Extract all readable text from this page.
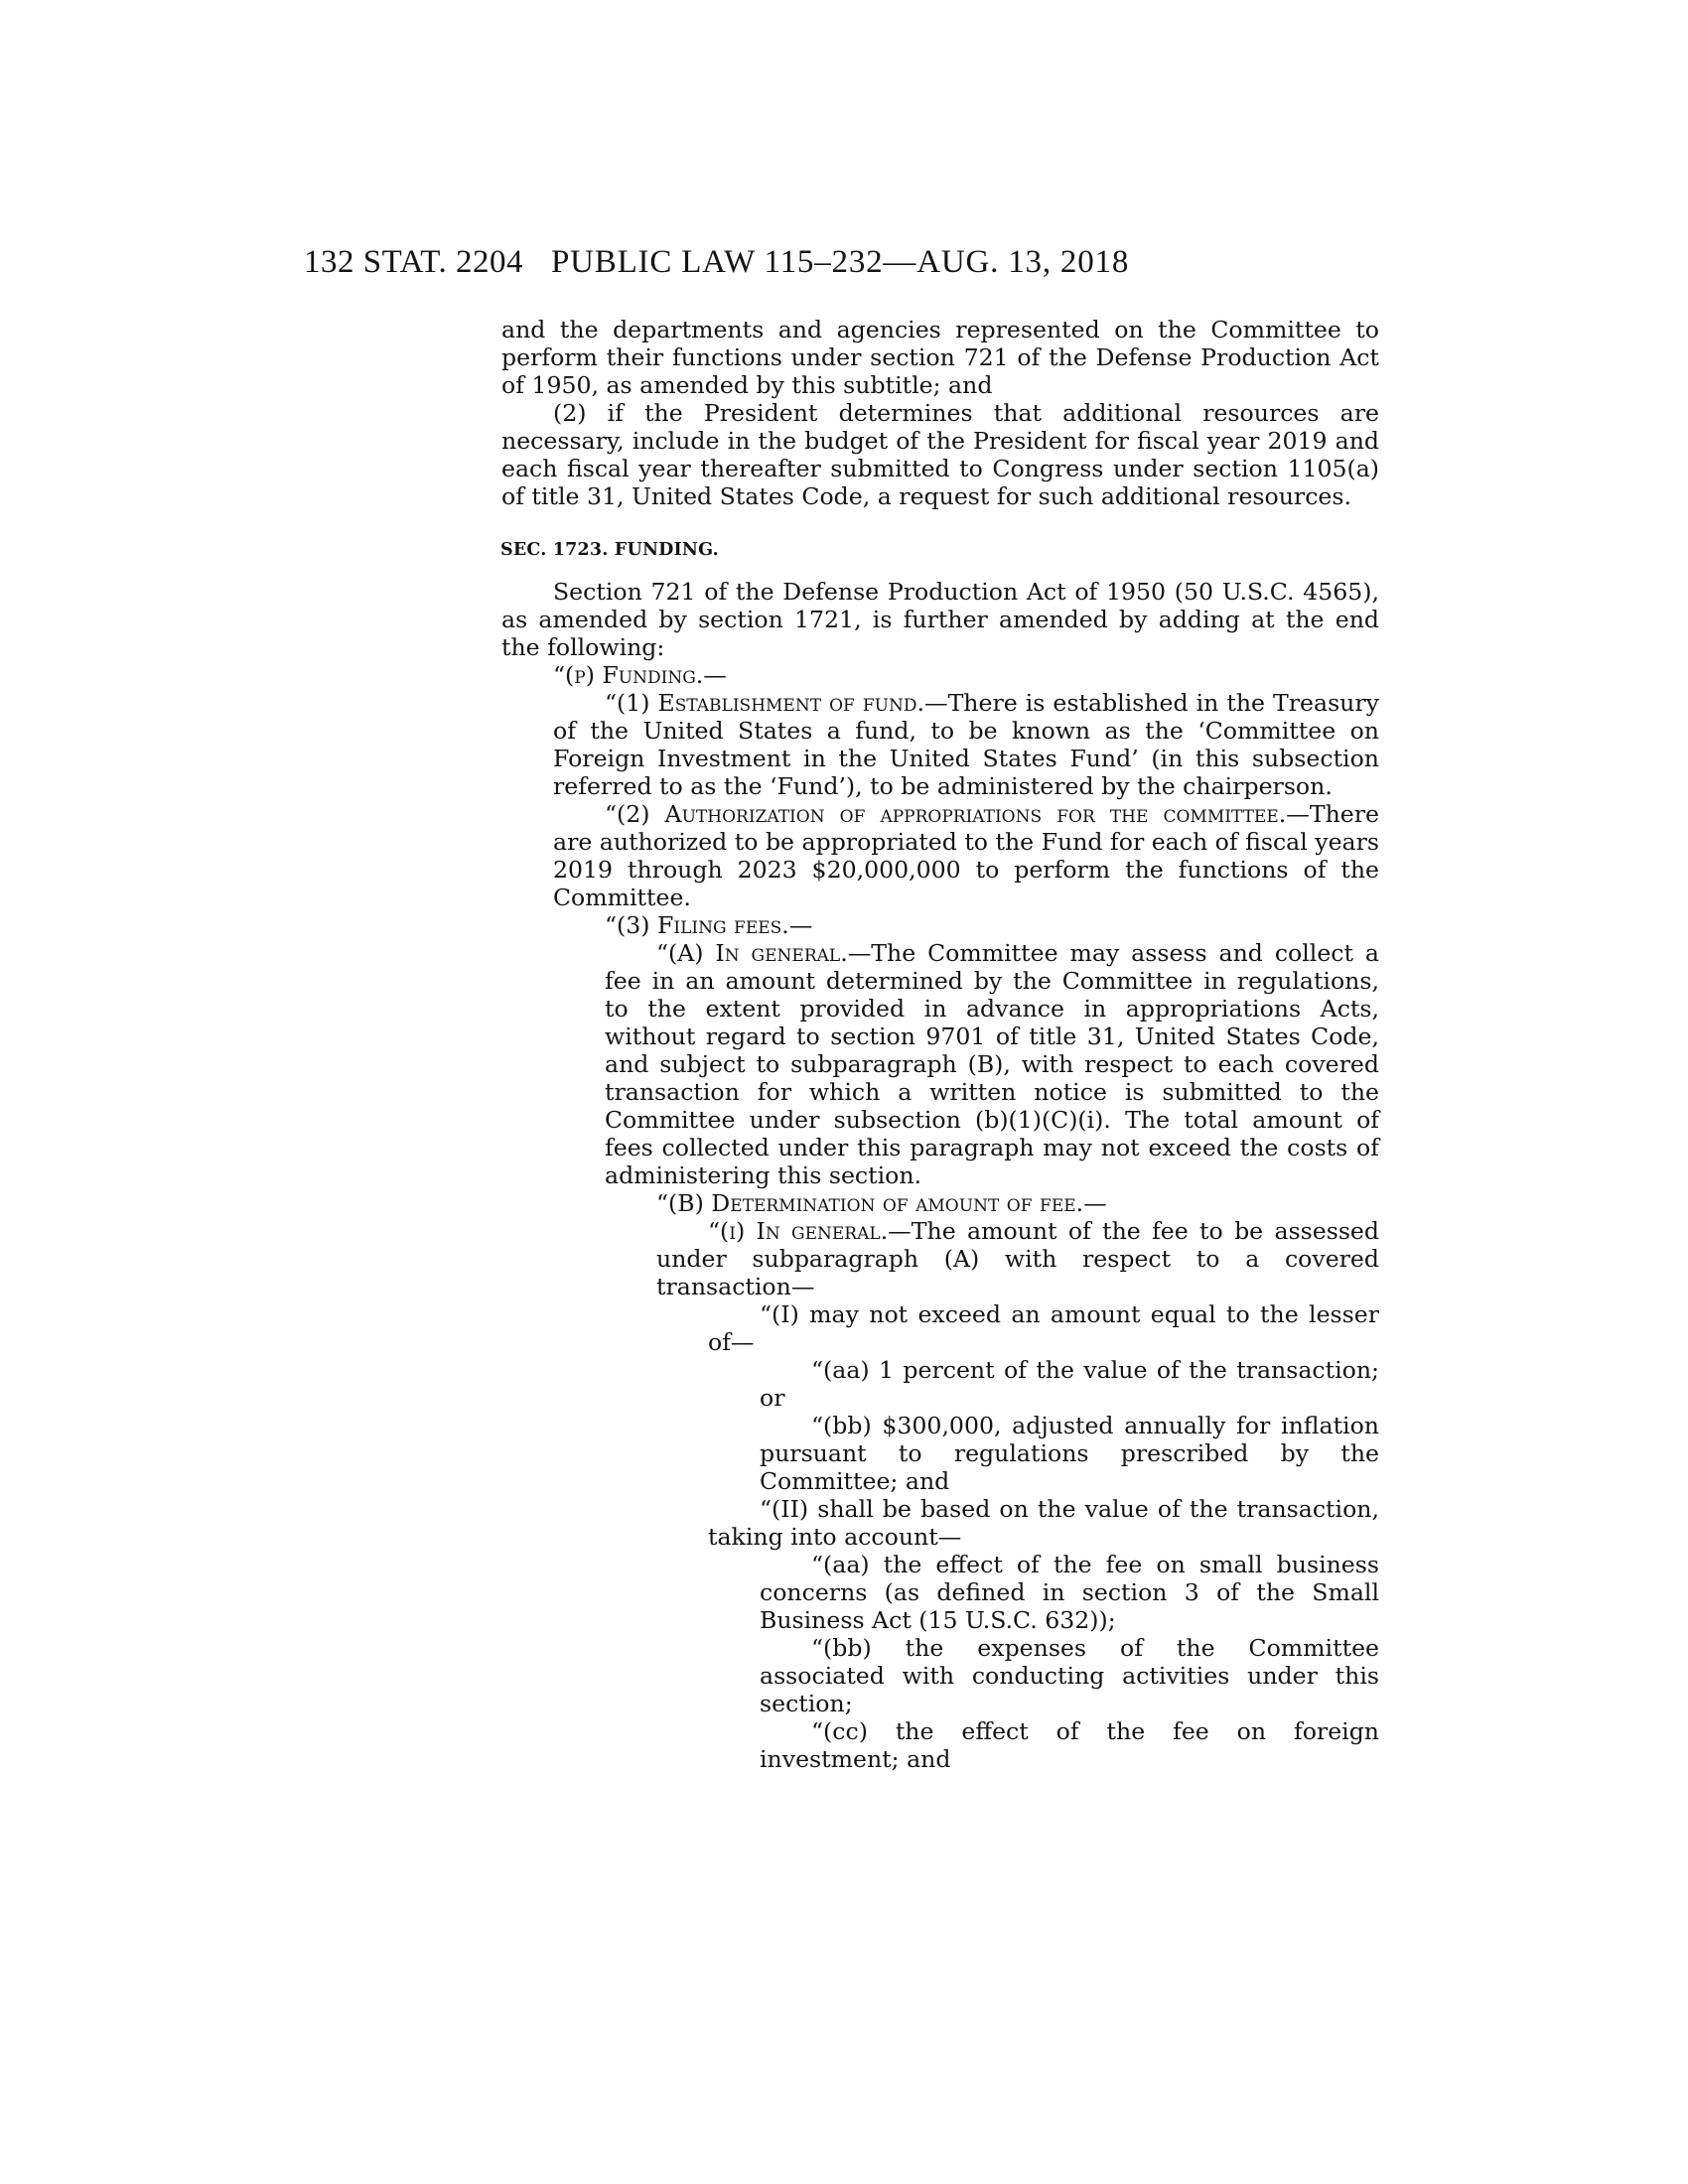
132 STAT. 2204 PUBLIC LAW 115–232—AUG. 13, 2018

and the departments and agencies represented on the Committee to perform their functions under section 721 of the Defense Production Act of 1950, as amended by this subtitle; and

(2) if the President determines that additional resources are necessary, include in the budget of the President for fiscal year 2019 and each fiscal year thereafter submitted to Congress under section 1105(a) of title 31, United States Code, a request for such additional resources.

SEC. 1723. FUNDING.

Section 721 of the Defense Production Act of 1950 (50 U.S.C. 4565), as amended by section 1721, is further amended by adding at the end the following:

“(p) Funding.—

“(1) Establishment of fund.—There is established in the Treasury of the United States a fund, to be known as the ‘Committee on Foreign Investment in the United States Fund’ (in this subsection referred to as the ‘Fund’), to be administered by the chairperson.

“(2) Authorization of appropriations for the committee.—There are authorized to be appropriated to the Fund for each of fiscal years 2019 through 2023 $20,000,000 to perform the functions of the Committee.

“(3) Filing fees.—

“(A) In general.—The Committee may assess and collect a fee in an amount determined by the Committee in regulations, to the extent provided in advance in appropriations Acts, without regard to section 9701 of title 31, United States Code, and subject to subparagraph (B), with respect to each covered transaction for which a written notice is submitted to the Committee under subsection (b)(1)(C)(i). The total amount of fees collected under this paragraph may not exceed the costs of administering this section.

“(B) Determination of amount of fee.—

“(i) In general.—The amount of the fee to be assessed under subparagraph (A) with respect to a covered transaction—

“(I) may not exceed an amount equal to the lesser of—

“(aa) 1 percent of the value of the transaction; or

“(bb) $300,000, adjusted annually for inflation pursuant to regulations prescribed by the Committee; and

“(II) shall be based on the value of the transaction, taking into account—

“(aa) the effect of the fee on small business concerns (as defined in section 3 of the Small Business Act (15 U.S.C. 632));

“(bb) the expenses of the Committee associated with conducting activities under this section;

“(cc) the effect of the fee on foreign investment; and
